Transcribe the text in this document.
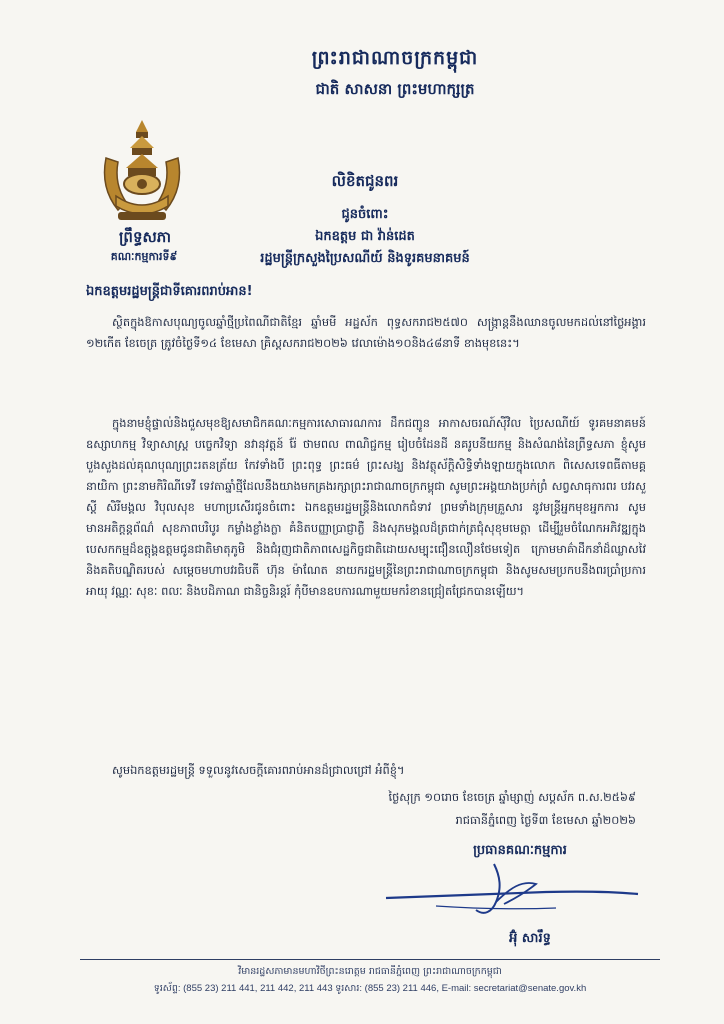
ព្រះរាជាណាចក្រកម្ពុជា
ជាតិ សាសនា ព្រះមហាក្សត្រ
ព្រឹទ្ធសភា
គណៈកម្មការទី៩
លិខិតជូនពរ
ជូនចំពោះ
ឯកឧត្តម ជា វ៉ាន់ដេត
រដ្ឋមន្ត្រីក្រសួងប្រៃសណីយ៍ និងទូរគមនាគមន៍
ឯកឧត្តមរដ្ឋមន្ត្រីជាទីគោរពរាប់អាន!
ស្ថិតក្នុងឱកាសបុណ្យចូលឆ្នាំថ្មីប្រពៃណីជាតិខ្មែរ ឆ្នាំមមី អដ្ឋស័ក ពុទ្ធសករាជ២៥៧០ សង្ក្រាន្តនឹងឈានចូលមកដល់នៅថ្ងៃអង្គារ ១២កើត ខែចេត្រ ត្រូវចំថ្ងៃទី១៤ ខែមេសា គ្រិស្តសករាជ២០២៦ វេលាម៉ោង១០និង៤៨នាទី ខាងមុខនេះ។
ក្នុងនាមខ្ញុំផ្ទាល់និងជួសមុខឱ្យសមាជិកគណៈកម្មការសោធារណការ ដឹកជញ្ជូន អាកាសចរណ៍ស៊ីវិល ប្រៃសណីយ៍ ទូរគមនាគមន៍ ឧស្សាហកម្ម វិទ្យាសាស្ត្រ បច្ចេកវិទ្យា នវានុវត្តន៍ រ៉ែ ថាមពល ពាណិជ្ជកម្ម រៀបចំដែនដី នគរូបនីយកម្ម និងសំណង់នៃព្រឹទ្ធសភា ខ្ញុំសូមបួងសួងដល់គុណបុណ្យព្រះរតនត្រ័យ កែវទាំងបី ព្រះពុទ្ធ ព្រះធម៌ ព្រះសង្ឃ និងវត្ថុស័ក្តិសិទ្ធិទាំងឡាយក្នុងលោក ពិសេសទេពធីតាមគ្គនាយិកា ព្រះនាមកិរិណីទេវី ទេវតាឆ្នាំថ្មីដែលនឹងយាងមកគ្រងរក្សាព្រះរាជាណាចក្រកម្ពុជា សូមព្រះអង្គយាងប្រក់ព្រំ សព្វសាធុការពរ បវរសួស្តី សិរីមង្គល វិបុលសុខ មហាប្រសើរជូនចំពោះ ឯកឧត្តមរដ្ឋមន្ត្រីនិងលោកជំទាវ ព្រមទាំងក្រុមគ្រួសារ នូវមន្ត្រីអ្នកមុខអ្នកការ សូមមានអតិក្តន្តព័ណ៌ សុខភាពបរិបូរ កម្លាំងខ្លាំងក្លា គំនិតបញ្ញាប្រាជ្ញាភ្លឺ និងសុភមង្គលដ៏ត្រជាក់ត្រជុំសុខុមមេត្តា ដើម្បីរួមចំណែកអភិវឌ្ឍក្នុងបេសកកម្មដ៏ឧត្តុង្គឧត្តមជូនជាតិមាតុភូមិ និងជំរុញជាតិភាពសេដ្ឋកិច្ចជាតិដោយសម្បុះជឿនលឿនថែមទៀត ក្រោមមាគ៌ាដឹកនាំដ៏ឈ្លាសវៃ និងគតិបណ្ឌិតរបស់ សម្តេចមហាបវរធិបតី ហ៊ុន ម៉ាណែត នាយករដ្ឋមន្ត្រីនៃព្រះរាជាណាចក្រកម្ពុជា និងសូមសមប្រកបនឹងពរប្រាំប្រការ អាយុ វណ្ណៈ សុខៈ ពលៈ និងបដិភាណ ជានិច្ចនិរន្តរ៍ កុំបីមានឧបការណាមួយមករំខានជ្រៀតជ្រែកបានឡើយ។
សូមឯកឧត្តមរដ្ឋមន្ត្រី ទទួលនូវសេចក្តីគោរពរាប់អានដ៏ជ្រាលជ្រៅ អំពីខ្ញុំ។
ថ្ងៃសុក្រ ១០រោច ខែចេត្រ ឆ្នាំម្សាញ់ សប្តស័ក ព.ស.២៥៦៩
រាជធានីភ្នំពេញ ថ្ងៃទី៣ ខែមេសា ឆ្នាំ២០២៦
ប្រធានគណៈកម្មការ
អ៊ុំ សារឹទ្ធ
វិមានរដ្ឋសភាមានមហាវិថីព្រះនរោត្តម រាជធានីភ្នំពេញ ព្រះរាជាណាចក្រកម្ពុជា
ទូរស័ព្ទ: (855 23) 211 441, 211 442, 211 443 ទូរសារ: (855 23) 211 446, E-mail: secretariat@senate.gov.kh
